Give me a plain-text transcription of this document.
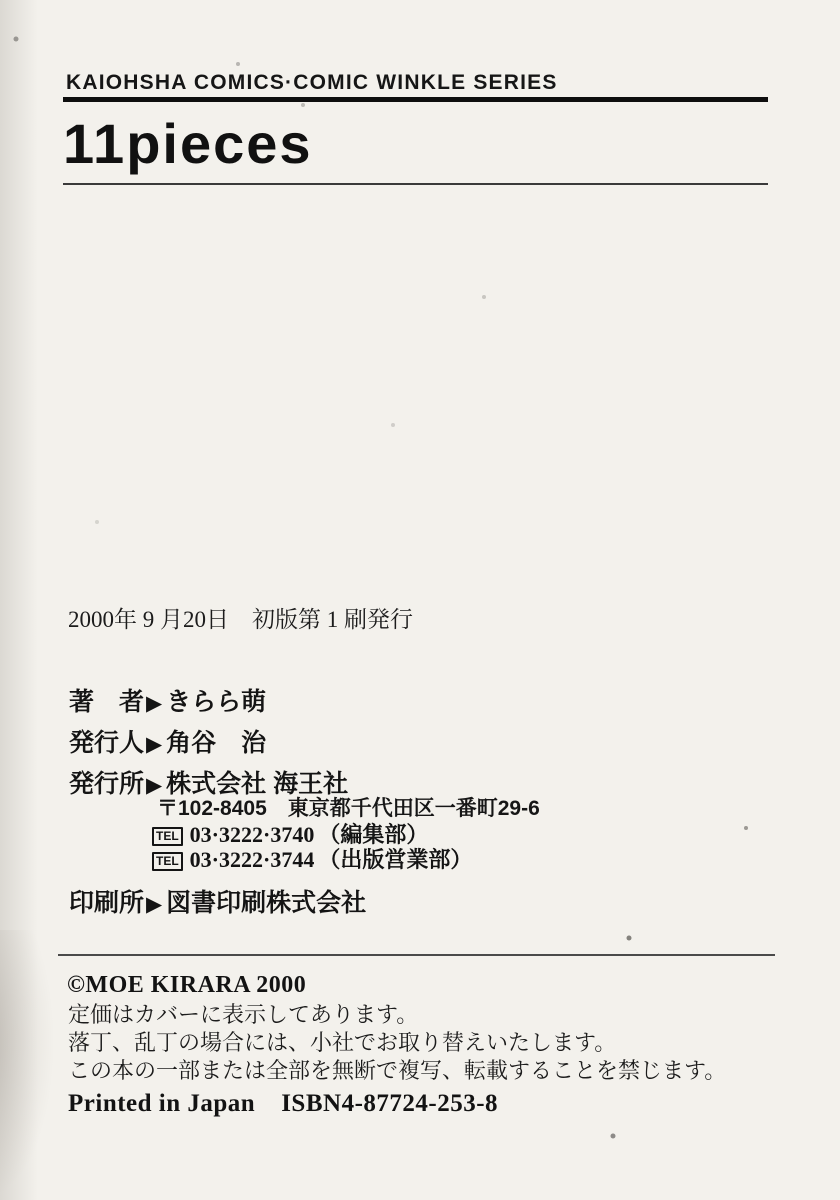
KAIOHSHA COMICS·COMIC WINKLE SERIES
11pieces
2000年 9 月20日　初版第 1 刷発行
著　者▶ きらら萌
発行人▶ 角谷　治
発行所▶ 株式会社 海王社
〒102-8405　東京都千代田区一番町29-6
TEL 03·3222·3740 （編集部）
TEL 03·3222·3744 （出版営業部）
印刷所▶ 図書印刷株式会社
©MOE KIRARA 2000
定価はカバーに表示してあります。
落丁、乱丁の場合には、小社でお取り替えいたします。
この本の一部または全部を無断で複写、転載することを禁じます。
Printed in Japan ISBN4-87724-253-8
